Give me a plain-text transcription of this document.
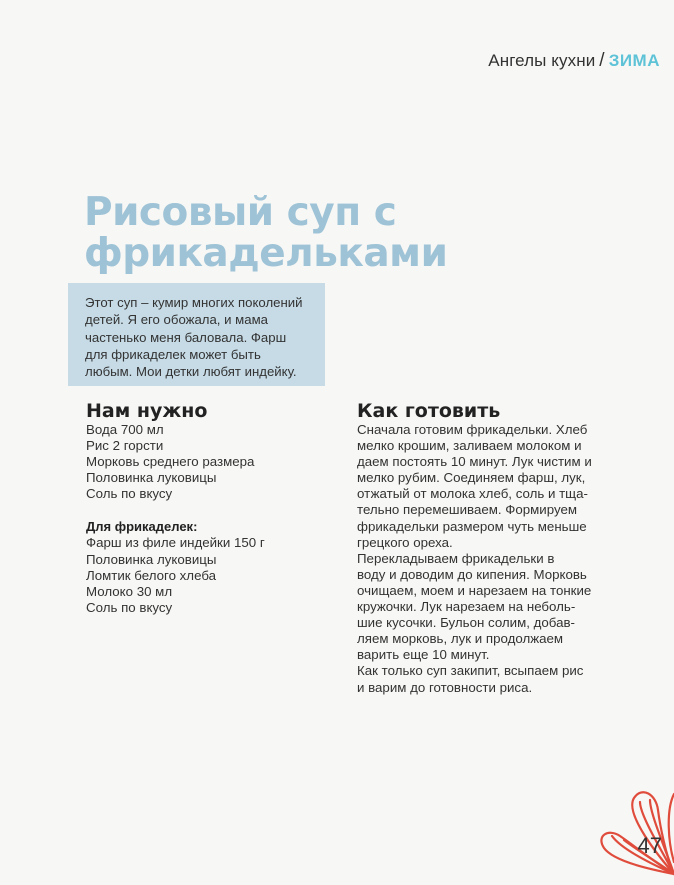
Ангелы кухни / ЗИМА
Рисовый суп с
фрикадельками
Этот суп – кумир многих поколений
детей. Я его обожала, и мама
частенько меня баловала. Фарш
для фрикаделек может быть
любым. Мои детки любят индейку.
Нам нужно
Вода 700 мл
Рис 2 горсти
Морковь среднего размера
Половинка луковицы
Соль по вкусу
Для фрикаделек:
Фарш из филе индейки 150 г
Половинка луковицы
Ломтик белого хлеба
Молоко 30 мл
Соль по вкусу
Как готовить
Сначала готовим фрикадельки. Хлеб
мелко крошим, заливаем молоком и
даем постоять 10 минут. Лук чистим и
мелко рубим. Соединяем фарш, лук,
отжатый от молока хлеб, соль и тща-
тельно перемешиваем. Формируем
фрикадельки размером чуть меньше
грецкого ореха.
Перекладываем фрикадельки в
воду и доводим до кипения. Морковь
очищаем, моем и нарезаем на тонкие
кружочки. Лук нарезаем на неболь-
шие кусочки. Бульон солим, добав-
ляем морковь, лук и продолжаем
варить еще 10 минут.
Как только суп закипит, всыпаем рис
и варим до готовности риса.
47
